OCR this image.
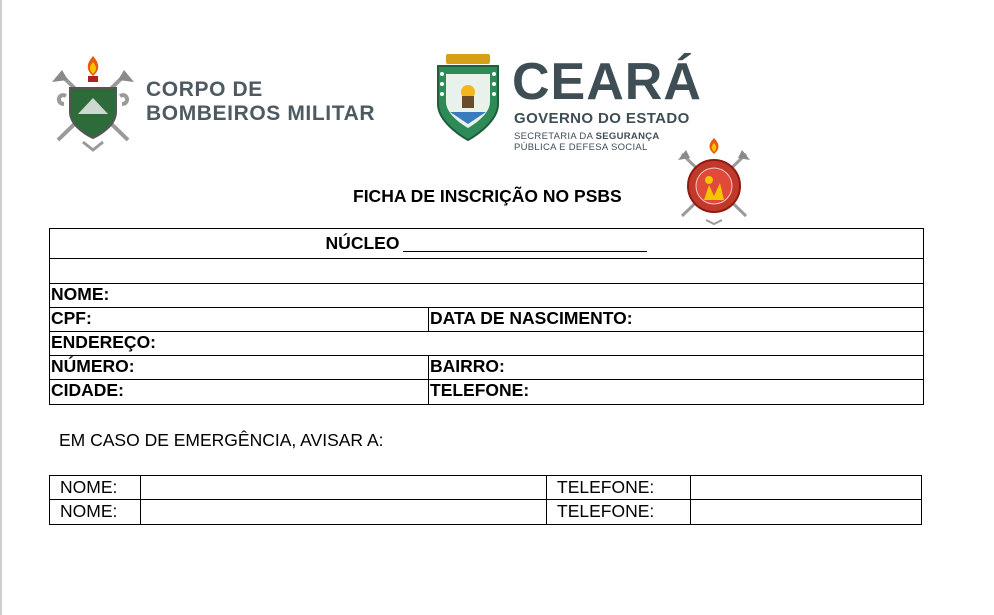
CORPO DE
BOMBEIROS MILITAR
CEARÁ
GOVERNO DO ESTADO
SECRETARIA DA SEGURANÇA
PÚBLICA E DEFESA SOCIAL
FICHA DE INSCRIÇÃO NO PSBS
NÚCLEO
NOME:
CPF:	DATA DE NASCIMENTO:
ENDEREÇO:
NÚMERO:	BAIRRO:
CIDADE:	TELEFONE:
EM CASO DE EMERGÊNCIA, AVISAR A:
NOME:	TELEFONE:
NOME:	TELEFONE:
